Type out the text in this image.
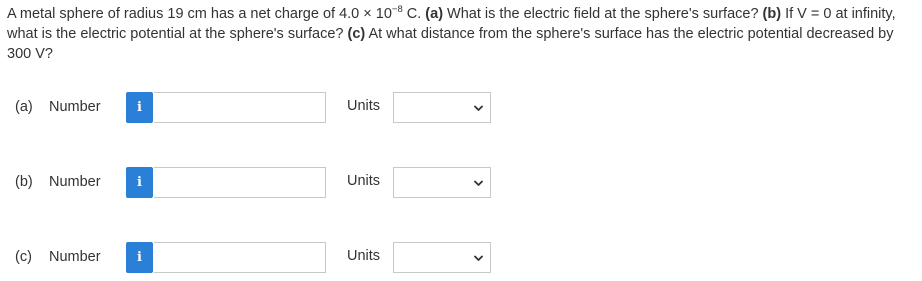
A metal sphere of radius 19 cm has a net charge of $4.0 \times 10^{-8}$ C. (a) What is the electric field at the sphere's surface? (b) If V = 0 at infinity, what is the electric potential at the sphere's surface? (c) At what distance from the sphere's surface has the electric potential decreased by 300 V?
(a) Number	i	Units
(b) Number	i	Units
(c) Number	i	Units
